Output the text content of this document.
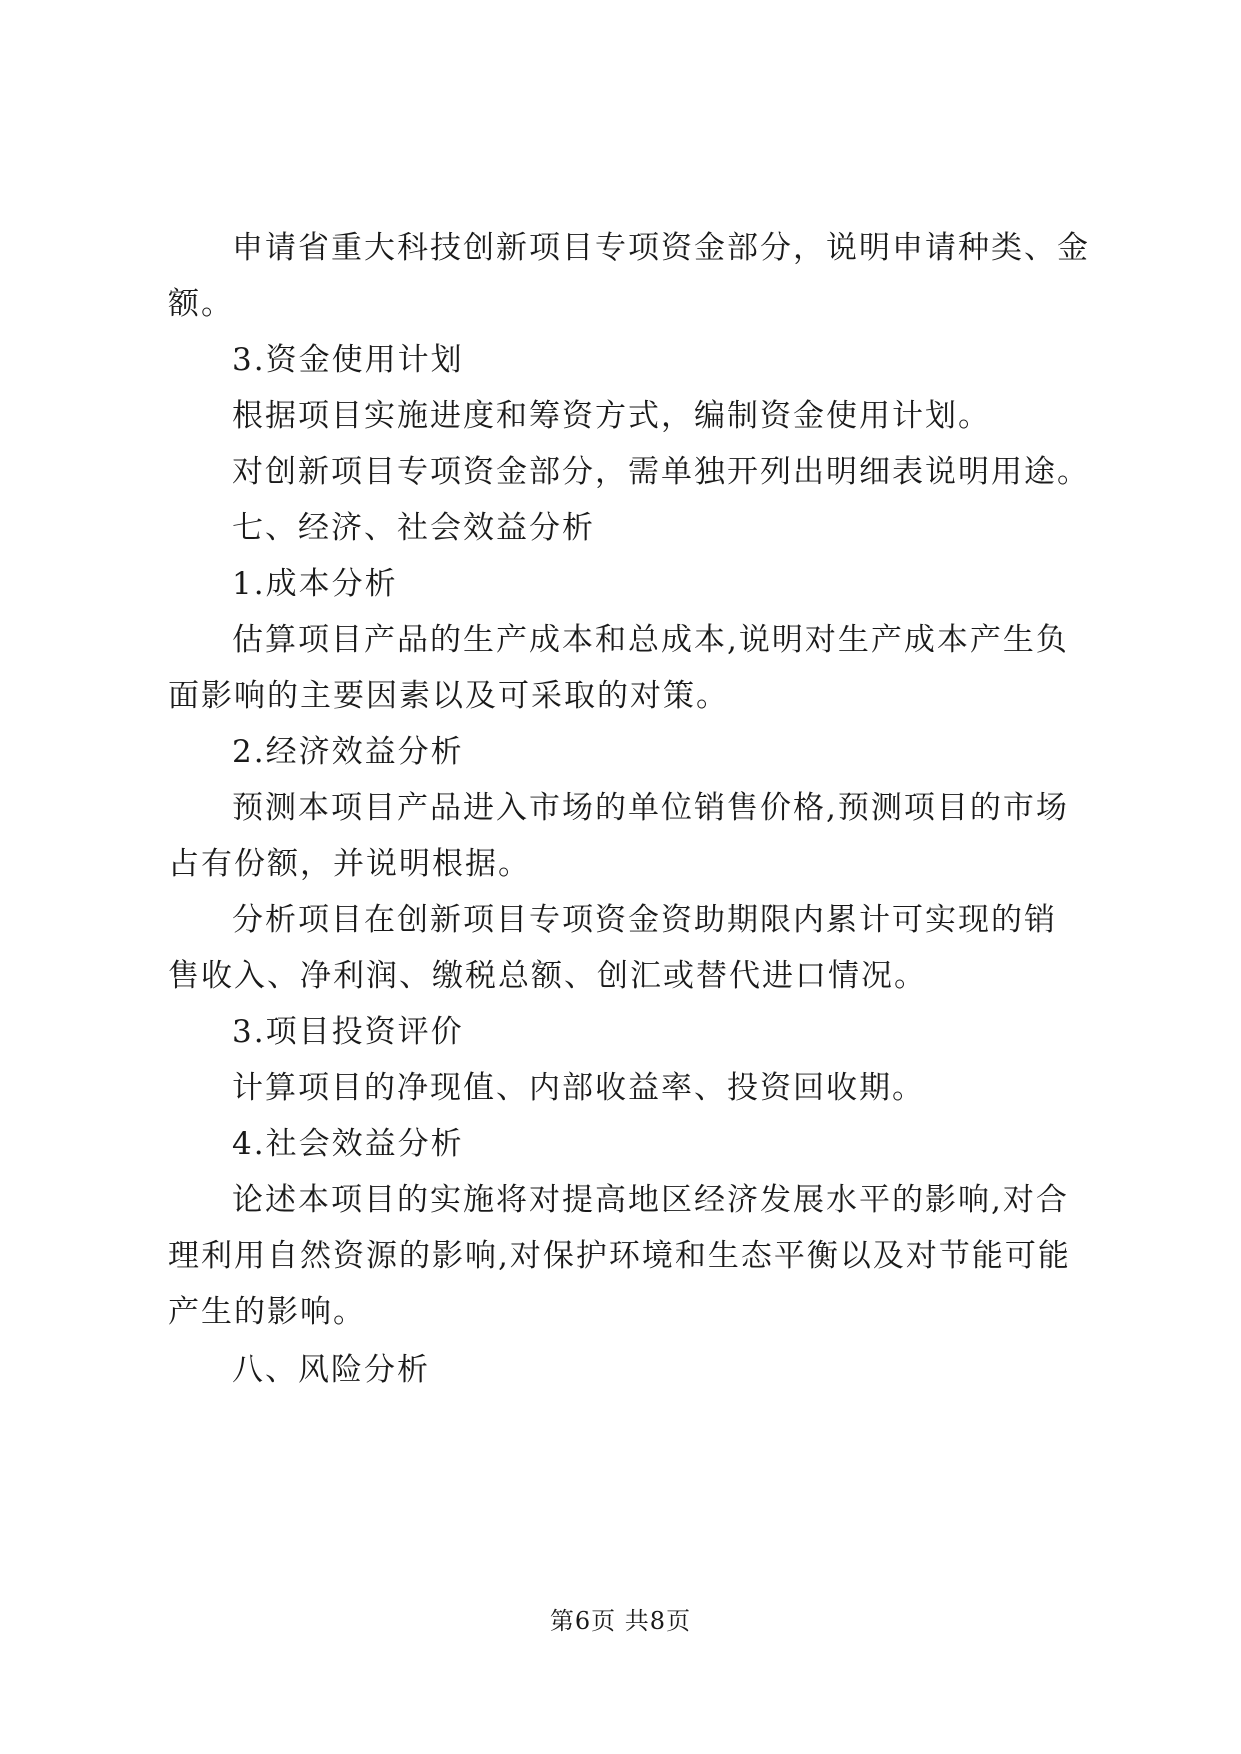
申请省重大科技创新项目专项资金部分，说明申请种类、金
额。
3.资金使用计划
根据项目实施进度和筹资方式，编制资金使用计划。
对创新项目专项资金部分，需单独开列出明细表说明用途。
七、经济、社会效益分析
1.成本分析
估算项目产品的生产成本和总成本,说明对生产成本产生负
面影响的主要因素以及可采取的对策。
2.经济效益分析
预测本项目产品进入市场的单位销售价格,预测项目的市场
占有份额，并说明根据。
分析项目在创新项目专项资金资助期限内累计可实现的销
售收入、净利润、缴税总额、创汇或替代进口情况。
3.项目投资评价
计算项目的净现值、内部收益率、投资回收期。
4.社会效益分析
论述本项目的实施将对提高地区经济发展水平的影响,对合
理利用自然资源的影响,对保护环境和生态平衡以及对节能可能
产生的影响。
八、风险分析
第6页 共8页
